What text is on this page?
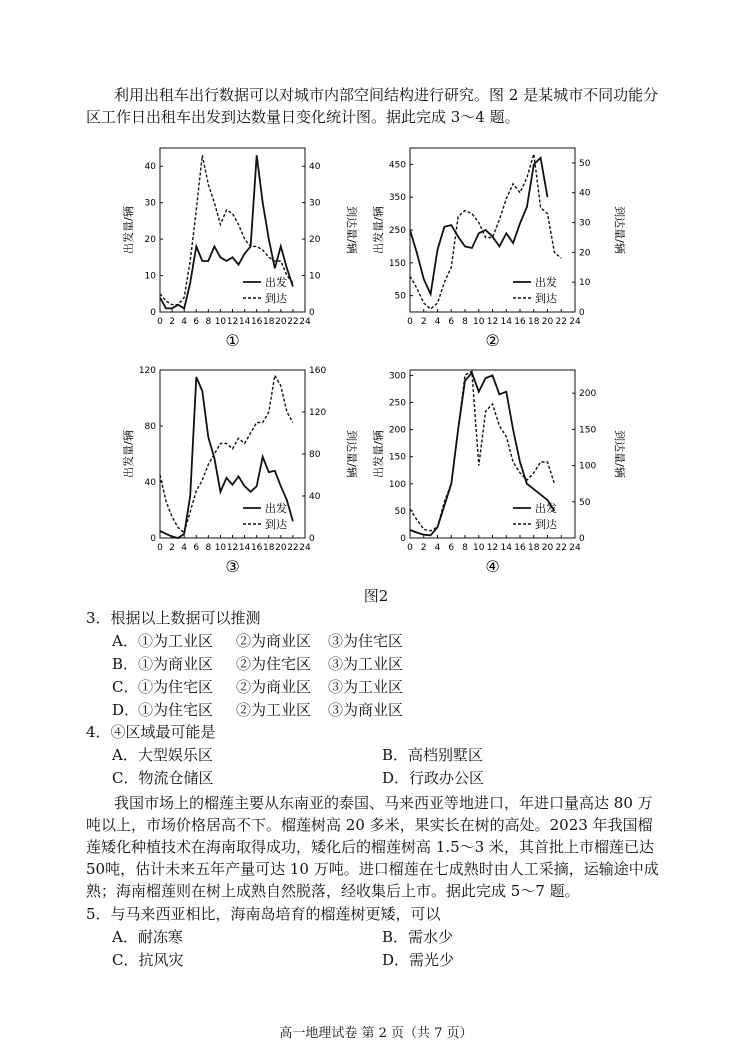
利用出租车出行数据可以对城市内部空间结构进行研究。图 2 是某城市不同功能分区工作日出租车出发到达数量日变化统计图。据此完成 3～4 题。

0 2 4 6 8 10 12 14 16 18 20 22 24
0
10
20
30
40
0
10
20
30
40
出发量/辆	到达量/辆
出发
到达
①
0 2 4 6 8 10 12 14 16 18 20 22 24
50
150
250
350
450
0
10
20
30
40
50
出发量/辆	到达量/辆
出发
到达
②
0 2 4 6 8 10 12 14 16 18 20 22 24
0
40
80
120
0
40
80
120
160
出发量/辆	到达量/辆
出发
到达
③
0 2 4 6 8 10 12 14 16 18 20 22 24
0
50
100
150
200
250
300
0
50
100
150
200
出发量/辆	到达量/辆
出发
到达
④
图2
3．根据以上数据可以推测
A． ①为工业区 ②为商业区 ③为住宅区
B． ①为商业区 ②为住宅区 ③为工业区
C． ①为住宅区 ②为商业区 ③为工业区
D．
①为住宅区 ②为工业区 ③为商业区
4．④区域最可能是
A．大型娱乐区	B．高档别墅区
C．物流仓储区	D．行政办公区

我国市场上的榴莲主要从东南亚的泰国、马来西亚等地进口，年进口量高达 80 万吨以上，市场价格居高不下。榴莲树高 20 多米，果实长在树的高处。2023 年我国榴莲矮化种植技术在海南取得成功，矮化后的榴莲树高 1.5～3 米，其首批上市榴莲已达 50吨，估计未来五年产量可达 10 万吨。进口榴莲在七成熟时由人工采摘，运输途中成熟；海南榴莲则在树上成熟自然脱落，经收集后上市。据此完成 5～7 题。

5．与马来西亚相比，海南岛培育的榴莲树更矮，可以
A．耐冻寒	B．需水少
C．抗风灾	D．需光少
高一地理试卷 第 2 页（共 7 页）
